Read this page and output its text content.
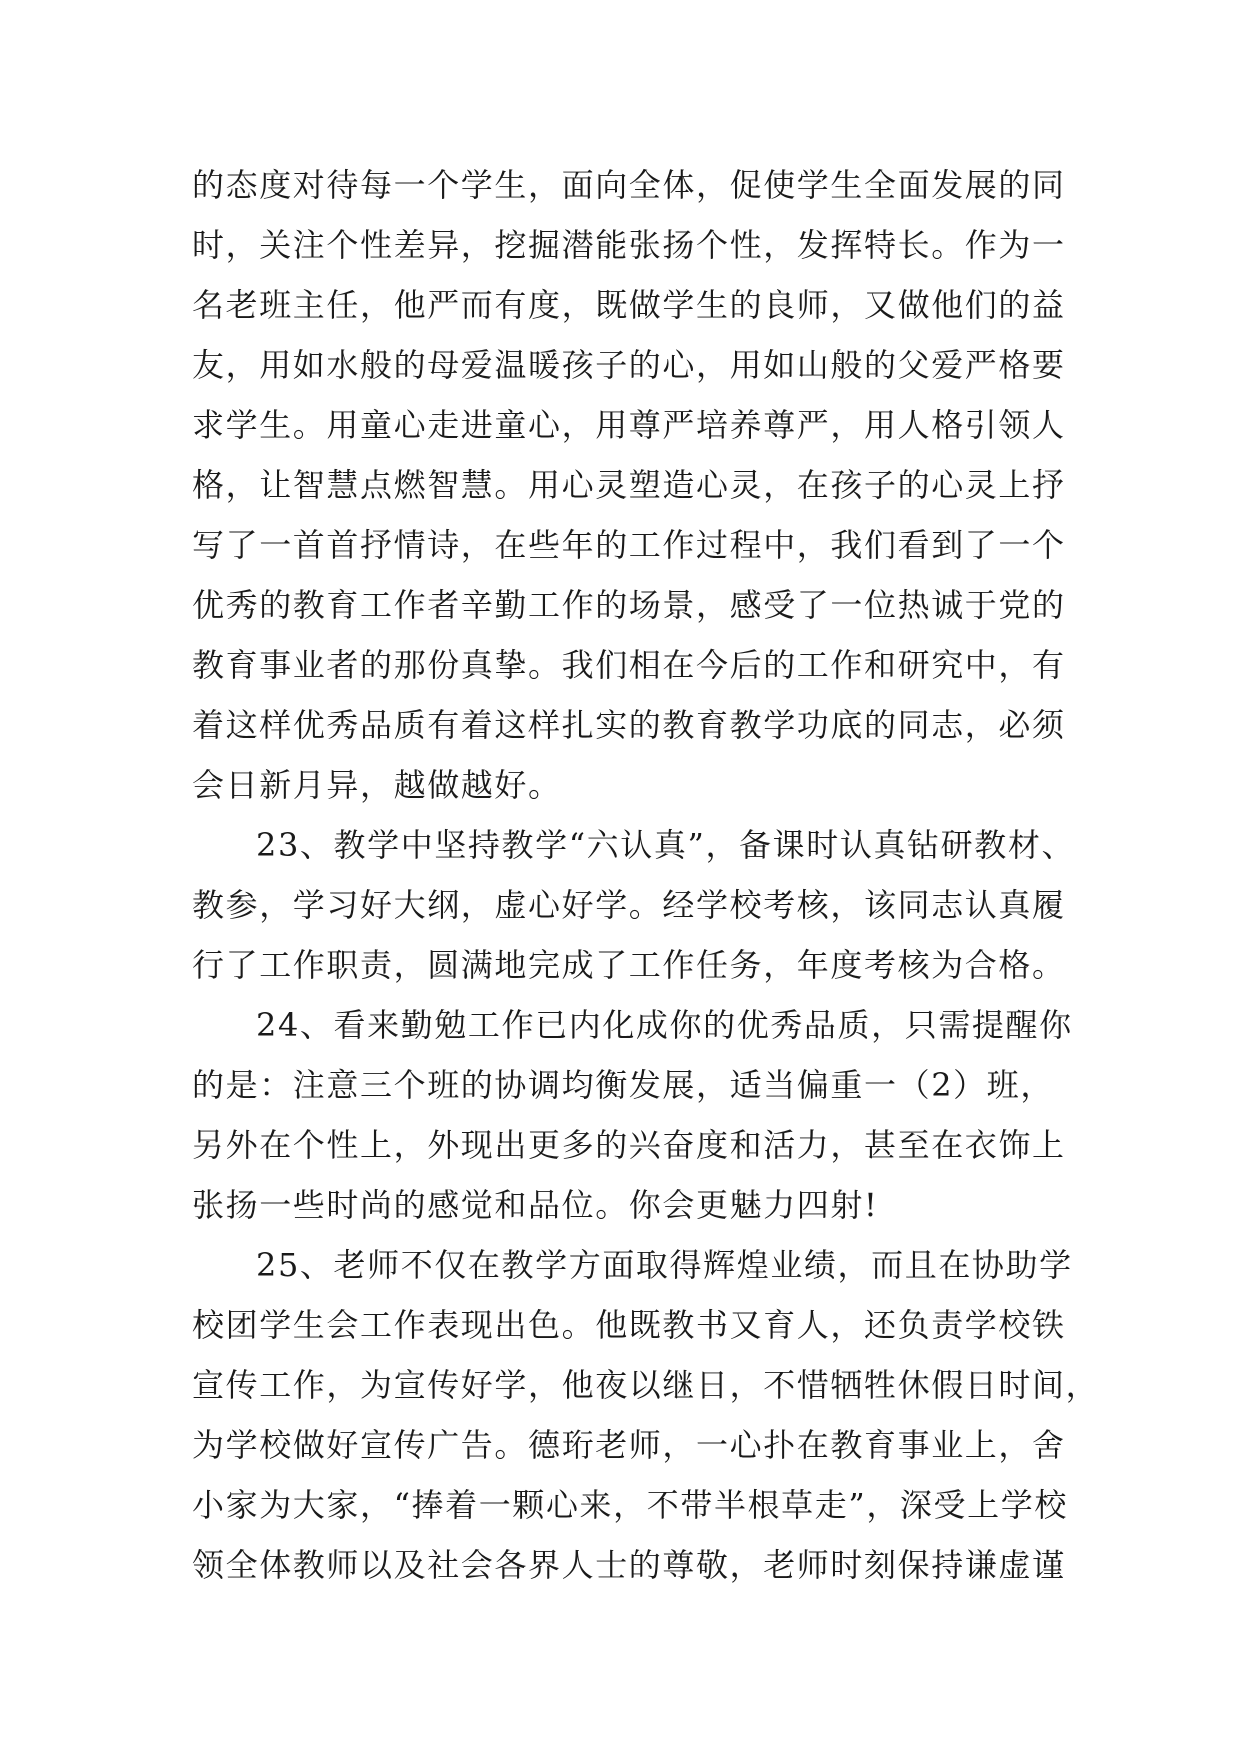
的态度对待每一个学生，面向全体，促使学生全面发展的同
时，关注个性差异，挖掘潜能张扬个性，发挥特长。作为一
名老班主任，他严而有度，既做学生的良师，又做他们的益
友，用如水般的母爱温暖孩子的心，用如山般的父爱严格要
求学生。用童心走进童心，用尊严培养尊严，用人格引领人
格，让智慧点燃智慧。用心灵塑造心灵，在孩子的心灵上抒
写了一首首抒情诗，在些年的工作过程中，我们看到了一个
优秀的教育工作者辛勤工作的场景，感受了一位热诚于党的
教育事业者的那份真挚。我们相在今后的工作和研究中，有
着这样优秀品质有着这样扎实的教育教学功底的同志，必须
会日新月异，越做越好。
23、教学中坚持教学“六认真”，备课时认真钻研教材、
教参，学习好大纲，虚心好学。经学校考核，该同志认真履
行了工作职责，圆满地完成了工作任务，年度考核为合格。
24、看来勤勉工作已内化成你的优秀品质，只需提醒你
的是：注意三个班的协调均衡发展，适当偏重一（2）班，
另外在个性上，外现出更多的兴奋度和活力，甚至在衣饰上
张扬一些时尚的感觉和品位。你会更魅力四射!
25、老师不仅在教学方面取得辉煌业绩，而且在协助学
校团学生会工作表现出色。他既教书又育人，还负责学校铁
宣传工作，为宣传好学，他夜以继日，不惜牺牲休假日时间，
为学校做好宣传广告。德珩老师，一心扑在教育事业上，舍
小家为大家，“捧着一颗心来，不带半根草走”，深受上学校
领全体教师以及社会各界人士的尊敬，老师时刻保持谦虚谨
